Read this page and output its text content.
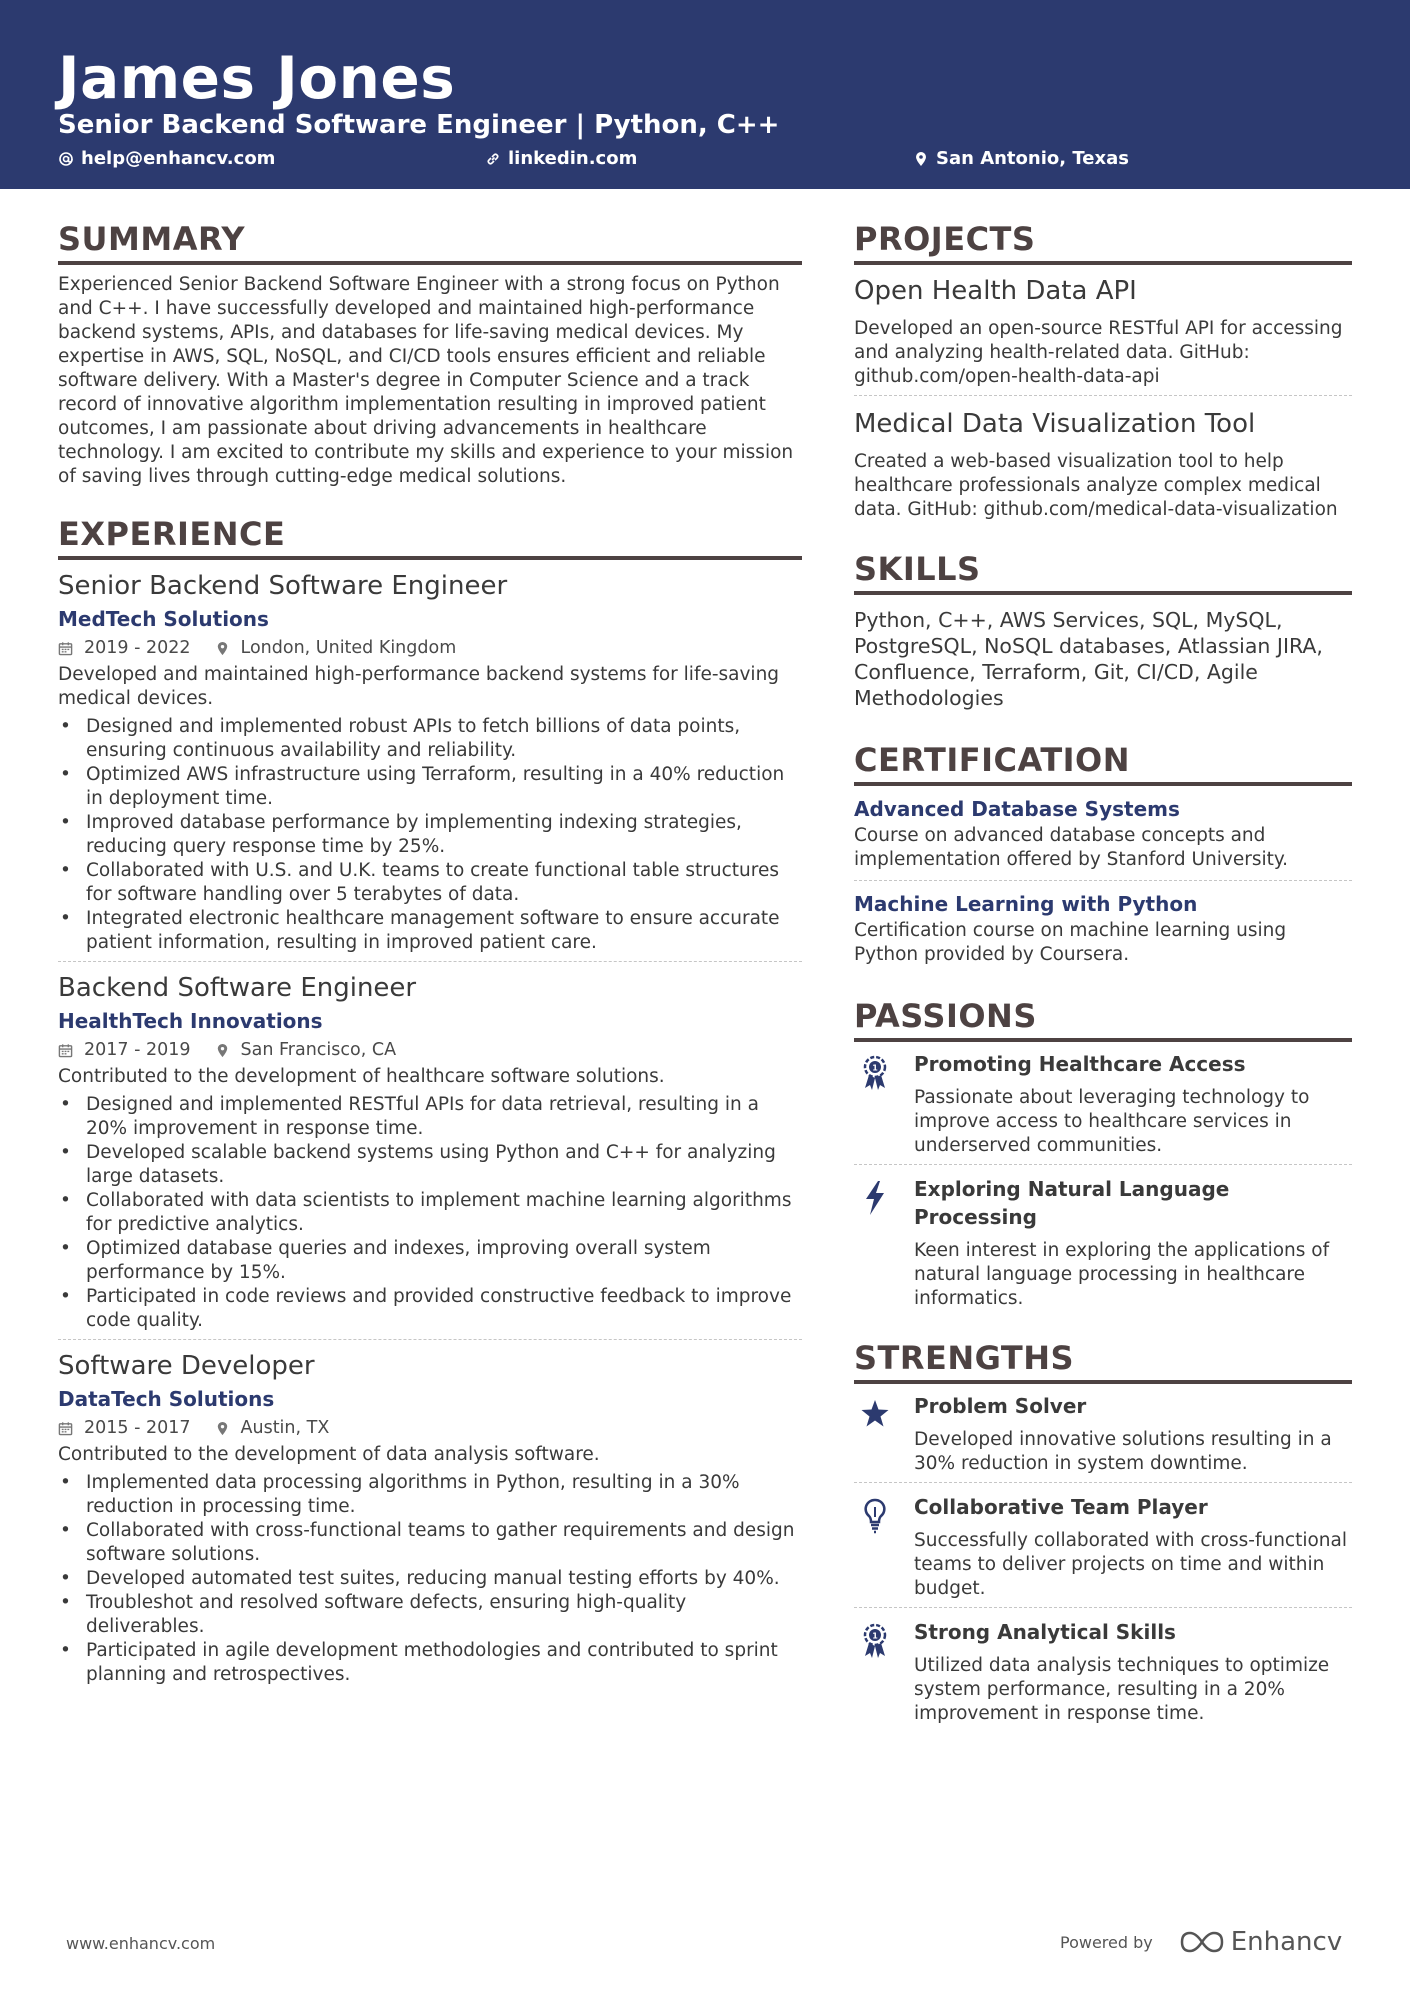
James Jones
Senior Backend Software Engineer | Python, C++
help@enhancv.com	linkedin.com	San Antonio, Texas
SUMMARY
Experienced Senior Backend Software Engineer with a strong focus on Python and C++. I have successfully developed and maintained high-performance backend systems, APIs, and databases for life-saving medical devices. My expertise in AWS, SQL, NoSQL, and CI/CD tools ensures efficient and reliable software delivery. With a Master's degree in Computer Science and a track record of innovative algorithm implementation resulting in improved patient outcomes, I am passionate about driving advancements in healthcare technology. I am excited to contribute my skills and experience to your mission of saving lives through cutting-edge medical solutions.
EXPERIENCE
Senior Backend Software Engineer
MedTech Solutions
2019 - 2022	London, United Kingdom
Developed and maintained high-performance backend systems for life-saving medical devices.
• Designed and implemented robust APIs to fetch billions of data points, ensuring continuous availability and reliability.
• Optimized AWS infrastructure using Terraform, resulting in a 40% reduction in deployment time.
• Improved database performance by implementing indexing strategies, reducing query response time by 25%.
• Collaborated with U.S. and U.K. teams to create functional table structures for software handling over 5 terabytes of data.
• Integrated electronic healthcare management software to ensure accurate patient information, resulting in improved patient care.
Backend Software Engineer
HealthTech Innovations
2017 - 2019	San Francisco, CA
Contributed to the development of healthcare software solutions.
• Designed and implemented RESTful APIs for data retrieval, resulting in a 20% improvement in response time.
• Developed scalable backend systems using Python and C++ for analyzing large datasets.
• Collaborated with data scientists to implement machine learning algorithms for predictive analytics.
• Optimized database queries and indexes, improving overall system performance by 15%.
• Participated in code reviews and provided constructive feedback to improve code quality.
Software Developer
DataTech Solutions
2015 - 2017	Austin, TX
Contributed to the development of data analysis software.
• Implemented data processing algorithms in Python, resulting in a 30% reduction in processing time.
• Collaborated with cross-functional teams to gather requirements and design software solutions.
• Developed automated test suites, reducing manual testing efforts by 40%.
• Troubleshot and resolved software defects, ensuring high-quality deliverables.
• Participated in agile development methodologies and contributed to sprint planning and retrospectives.
PROJECTS
Open Health Data API
Developed an open-source RESTful API for accessing and analyzing health-related data. GitHub: github.com/open-health-data-api
Medical Data Visualization Tool
Created a web-based visualization tool to help healthcare professionals analyze complex medical data. GitHub: github.com/medical-data-visualization
SKILLS
Python, C++, AWS Services, SQL, MySQL, PostgreSQL, NoSQL databases, Atlassian JIRA, Confluence, Terraform, Git, CI/CD, Agile Methodologies
CERTIFICATION
Advanced Database Systems
Course on advanced database concepts and implementation offered by Stanford University.
Machine Learning with Python
Certification course on machine learning using Python provided by Coursera.
PASSIONS
1 Promoting Healthcare Access
Passionate about leveraging technology to improve access to healthcare services in underserved communities.
Exploring Natural Language Processing
Keen interest in exploring the applications of natural language processing in healthcare informatics.
STRENGTHS
Problem Solver
Developed innovative solutions resulting in a 30% reduction in system downtime.
Collaborative Team Player
Successfully collaborated with cross-functional teams to deliver projects on time and within budget.
1 Strong Analytical Skills
Utilized data analysis techniques to optimize system performance, resulting in a 20% improvement in response time.
www.enhancv.com	Powered by	Enhancv
